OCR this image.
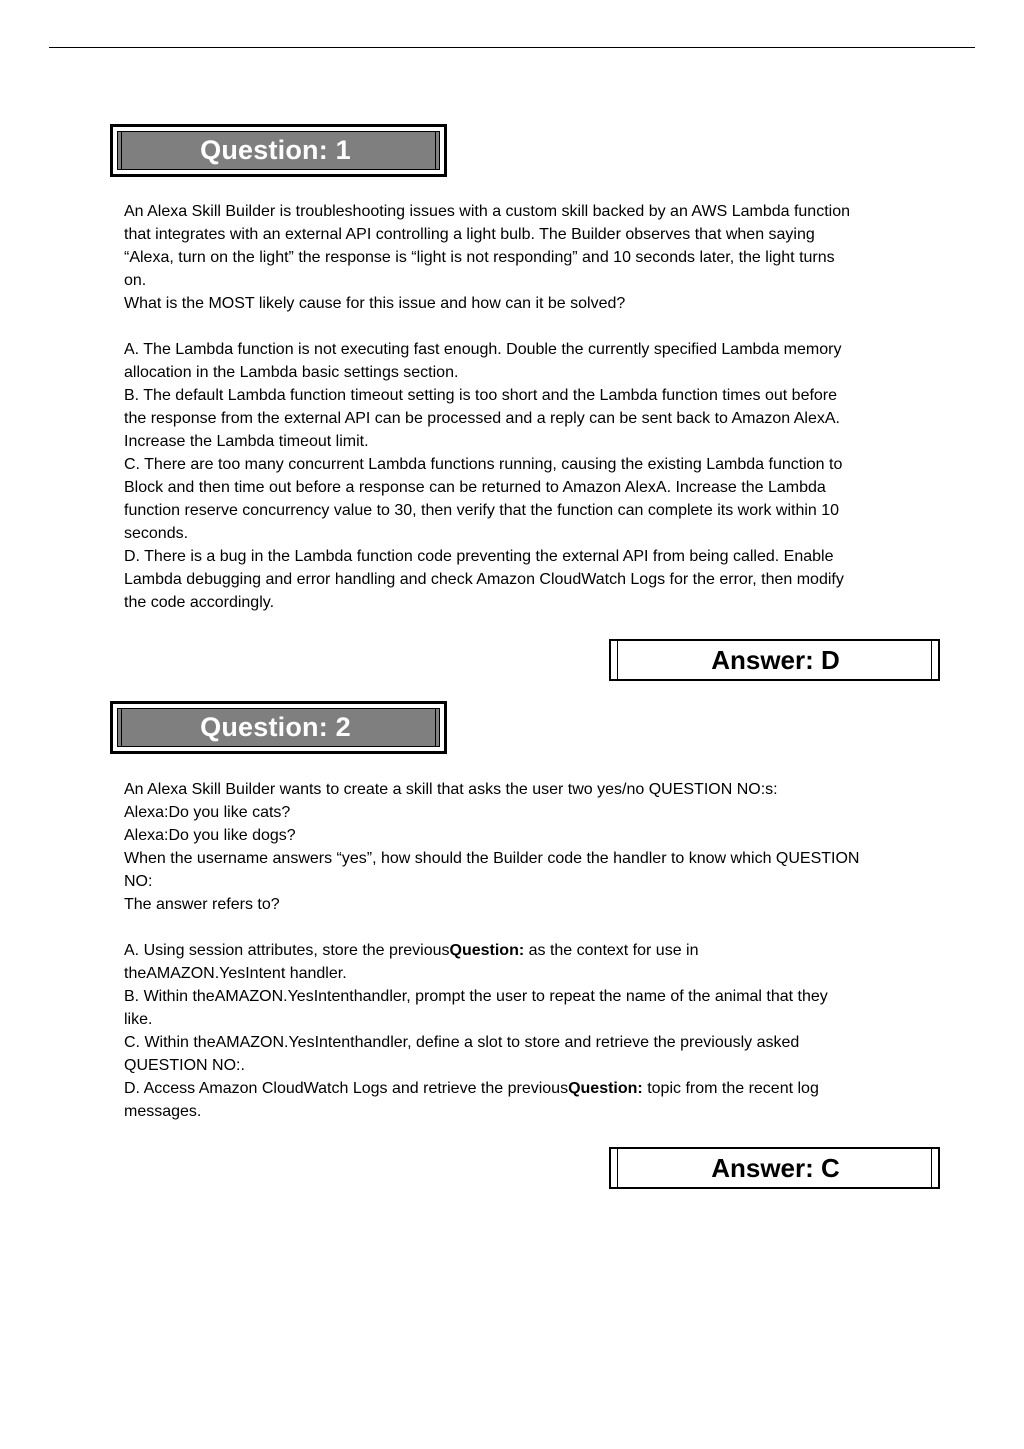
Question: 1

An Alexa Skill Builder is troubleshooting issues with a custom skill backed by an AWS Lambda function

that integrates with an external API controlling a light bulb. The Builder observes that when saying

“Alexa, turn on the light” the response is “light is not responding” and 10 seconds later, the light turns

on.

What is the MOST likely cause for this issue and how can it be solved?

A. The Lambda function is not executing fast enough. Double the currently specified Lambda memory

allocation in the Lambda basic settings section.

B. The default Lambda function timeout setting is too short and the Lambda function times out before

the response from the external API can be processed and a reply can be sent back to Amazon AlexA.

Increase the Lambda timeout limit.

C. There are too many concurrent Lambda functions running, causing the existing Lambda function to

Block and then time out before a response can be returned to Amazon AlexA. Increase the Lambda

function reserve concurrency value to 30, then verify that the function can complete its work within 10

seconds.

D. There is a bug in the Lambda function code preventing the external API from being called. Enable

Lambda debugging and error handling and check Amazon CloudWatch Logs for the error, then modify

the code accordingly.

Answer: D
Question: 2

An Alexa Skill Builder wants to create a skill that asks the user two yes/no QUESTION NO:s:

Alexa:Do you like cats?

Alexa:Do you like dogs?

When the username answers “yes”, how should the Builder code the handler to know which QUESTION

NO:

The answer refers to?

A. Using session attributes, store the previousQuestion: as the context for use in

theAMAZON.YesIntent handler.

B. Within theAMAZON.YesIntenthandler, prompt the user to repeat the name of the animal that they

like.

C. Within theAMAZON.YesIntenthandler, define a slot to store and retrieve the previously asked

QUESTION NO:.

D. Access Amazon CloudWatch Logs and retrieve the previousQuestion: topic from the recent log

messages.

Answer: C
